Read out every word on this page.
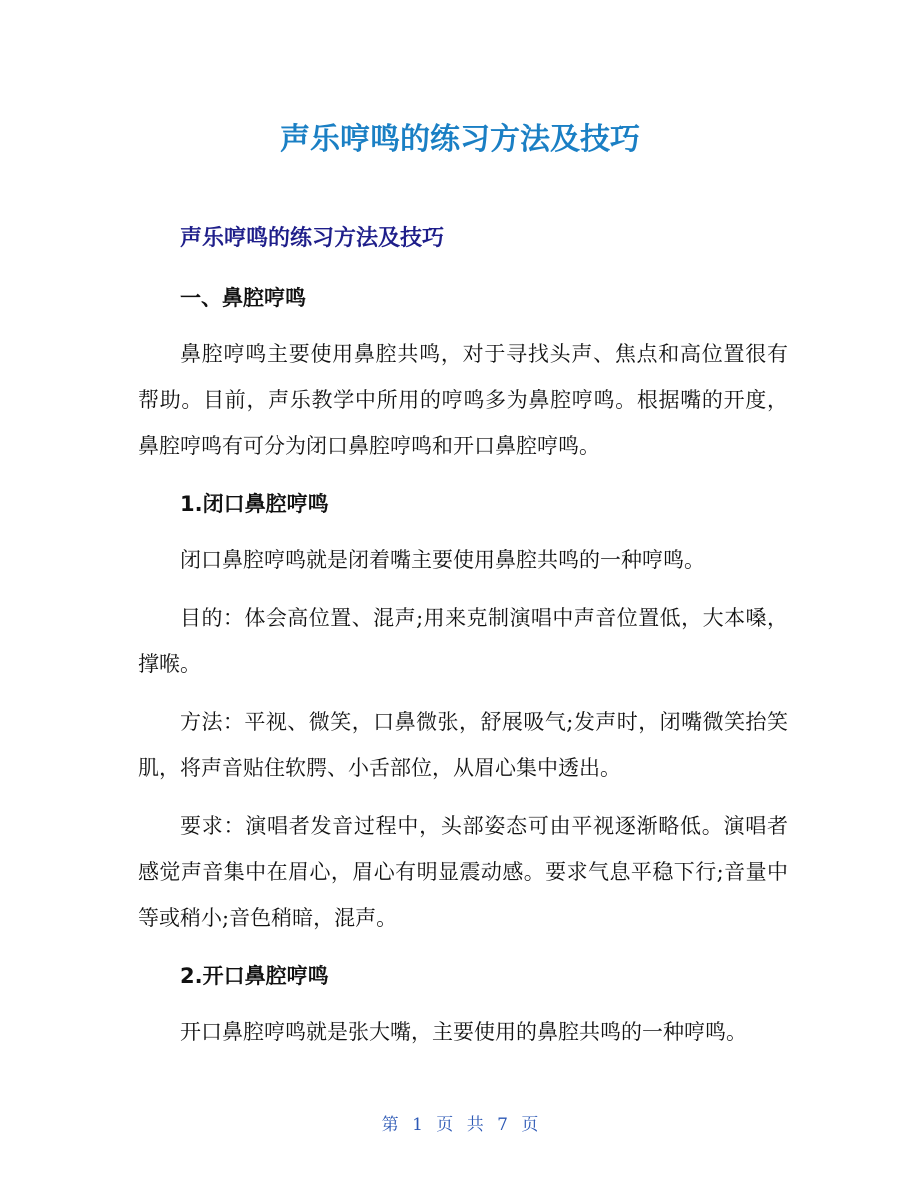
声乐哼鸣的练习方法及技巧
声乐哼鸣的练习方法及技巧
一、鼻腔哼鸣

鼻腔哼鸣主要使用鼻腔共鸣，对于寻找头声、焦点和高位置很有帮助。目前，声乐教学中所用的哼鸣多为鼻腔哼鸣。根据嘴的开度，鼻腔哼鸣有可分为闭口鼻腔哼鸣和开口鼻腔哼鸣。

1.闭口鼻腔哼鸣

闭口鼻腔哼鸣就是闭着嘴主要使用鼻腔共鸣的一种哼鸣。

目的：体会高位置、混声;用来克制演唱中声音位置低，大本嗓，撑喉。

方法：平视、微笑，口鼻微张，舒展吸气;发声时，闭嘴微笑抬笑肌，将声音贴住软腭、小舌部位，从眉心集中透出。

要求：演唱者发音过程中，头部姿态可由平视逐渐略低。演唱者感觉声音集中在眉心，眉心有明显震动感。要求气息平稳下行;音量中等或稍小;音色稍暗，混声。

2.开口鼻腔哼鸣

开口鼻腔哼鸣就是张大嘴，主要使用的鼻腔共鸣的一种哼鸣。

第 1 页 共 7 页
